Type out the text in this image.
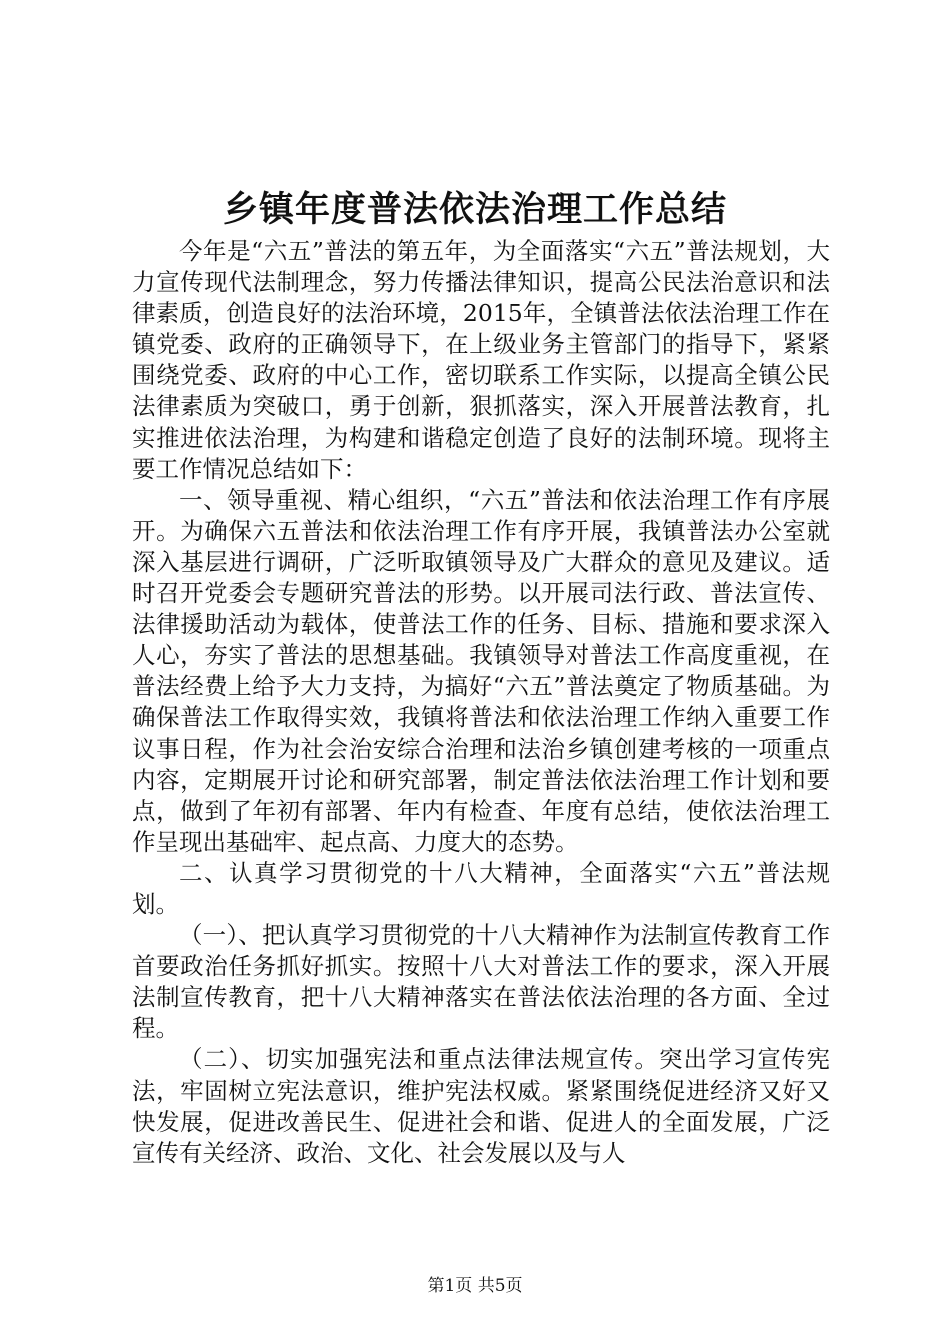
乡镇年度普法依法治理工作总结

今年是“六五”普法的第五年，为全面落实“六五”普法规划，大力宣传现代法制理念，努力传播法律知识，提高公民法治意识和法律素质，创造良好的法治环境，2015年，全镇普法依法治理工作在镇党委、政府的正确领导下，在上级业务主管部门的指导下，紧紧围绕党委、政府的中心工作，密切联系工作实际，以提高全镇公民法律素质为突破口，勇于创新，狠抓落实，深入开展普法教育，扎实推进依法治理，为构建和谐稳定创造了良好的法制环境。现将主要工作情况总结如下：

一、领导重视、精心组织，“六五”普法和依法治理工作有序展开。为确保六五普法和依法治理工作有序开展，我镇普法办公室就深入基层进行调研，广泛听取镇领导及广大群众的意见及建议。适时召开党委会专题研究普法的形势。以开展司法行政、普法宣传、法律援助活动为载体，使普法工作的任务、目标、措施和要求深入人心，夯实了普法的思想基础。我镇领导对普法工作高度重视，在普法经费上给予大力支持，为搞好“六五”普法奠定了物质基础。为确保普法工作取得实效，我镇将普法和依法治理工作纳入重要工作议事日程，作为社会治安综合治理和法治乡镇创建考核的一项重点内容，定期展开讨论和研究部署，制定普法依法治理工作计划和要点，做到了年初有部署、年内有检查、年度有总结，使依法治理工作呈现出基础牢、起点高、力度大的态势。

二、认真学习贯彻党的十八大精神，全面落实“六五”普法规划。

（一）、把认真学习贯彻党的十八大精神作为法制宣传教育工作首要政治任务抓好抓实。按照十八大对普法工作的要求，深入开展法制宣传教育，把十八大精神落实在普法依法治理的各方面、全过程。

（二）、切实加强宪法和重点法律法规宣传。突出学习宣传宪法，牢固树立宪法意识，维护宪法权威。紧紧围绕促进经济又好又快发展，促进改善民生、促进社会和谐、促进人的全面发展，广泛宣传有关经济、政治、文化、社会发展以及与人

第1页 共5页
